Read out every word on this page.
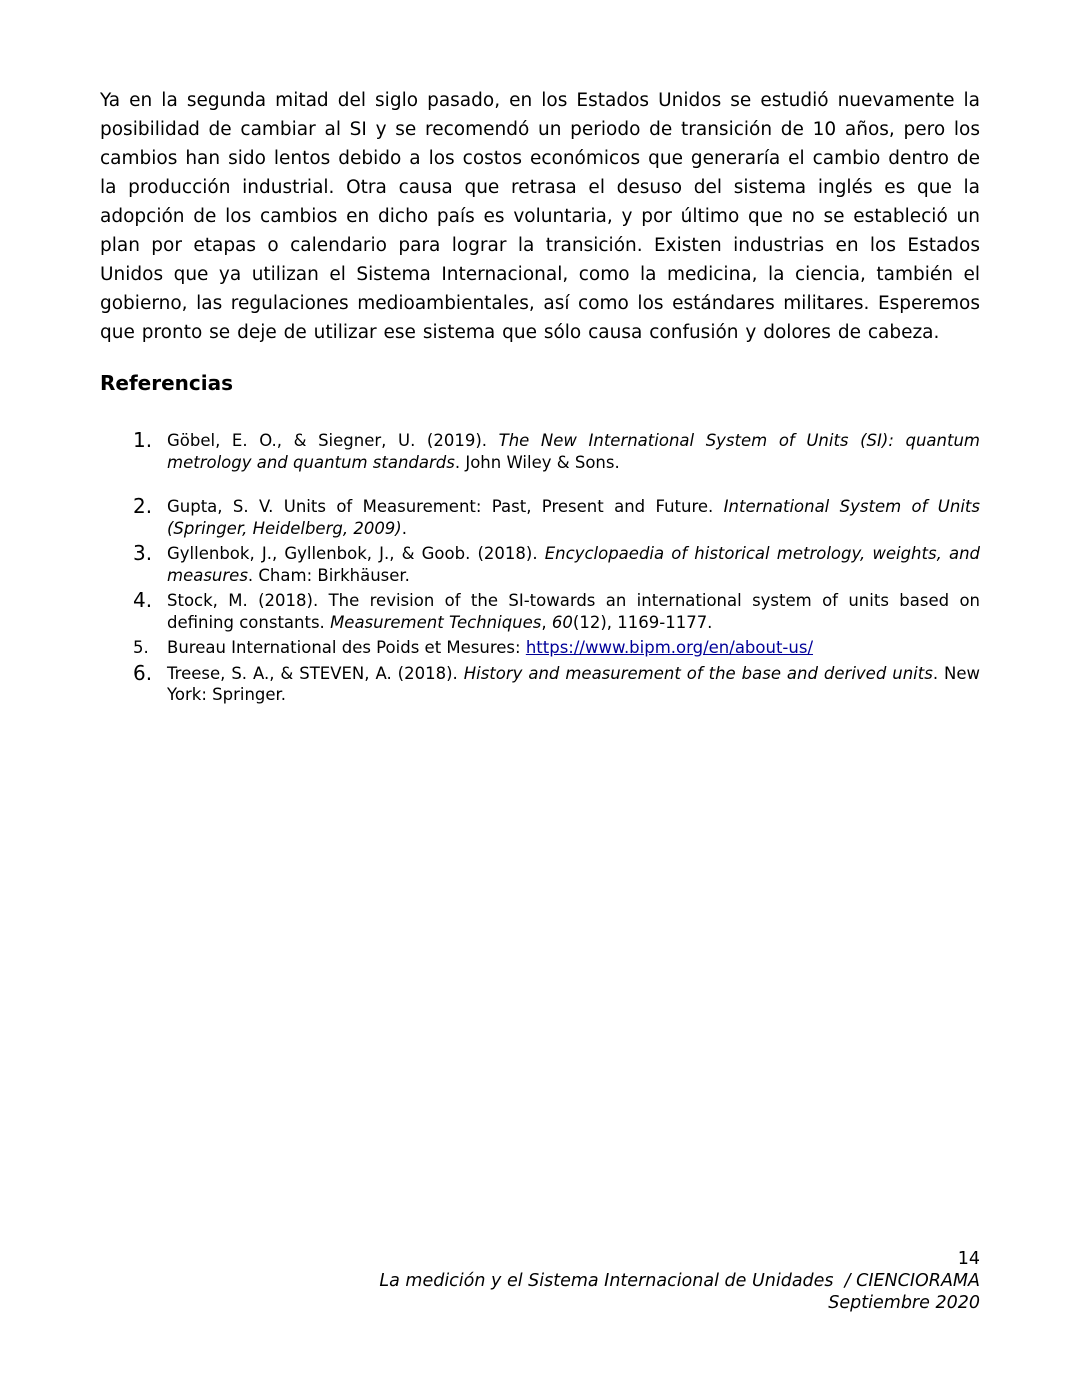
Ya en la segunda mitad del siglo pasado, en los Estados Unidos se estudió nuevamente la posibilidad de cambiar al SI y se recomendó un periodo de transición de 10 años, pero los cambios han sido lentos debido a los costos económicos que generaría el cambio dentro de la producción industrial. Otra causa que retrasa el desuso del sistema inglés es que la adopción de los cambios en dicho país es voluntaria, y por último que no se estableció un plan por etapas o calendario para lograr la transición. Existen industrias en los Estados Unidos que ya utilizan el Sistema Internacional, como la medicina, la ciencia, también el gobierno, las regulaciones medioambientales, así como los estándares militares. Esperemos que pronto se deje de utilizar ese sistema que sólo causa confusión y dolores de cabeza.

Referencias
1. Göbel, E. O., & Siegner, U. (2019). The New International System of Units (SI): quantum metrology and quantum standards. John Wiley & Sons.
2. Gupta, S. V. Units of Measurement: Past, Present and Future. International System of Units (Springer, Heidelberg, 2009).
3. Gyllenbok, J., Gyllenbok, J., & Goob. (2018). Encyclopaedia of historical metrology, weights, and measures. Cham: Birkhäuser.
4. Stock, M. (2018). The revision of the SI-towards an international system of units based on defining constants. Measurement Techniques, 60(12), 1169-1177.
5. Bureau International des Poids et Mesures: https://www.bipm.org/en/about-us/
6. Treese, S. A., & STEVEN, A. (2018). History and measurement of the base and derived units. New York: Springer.
14
La medición y el Sistema Internacional de Unidades  / CIENCIORAMA
Septiembre 2020
